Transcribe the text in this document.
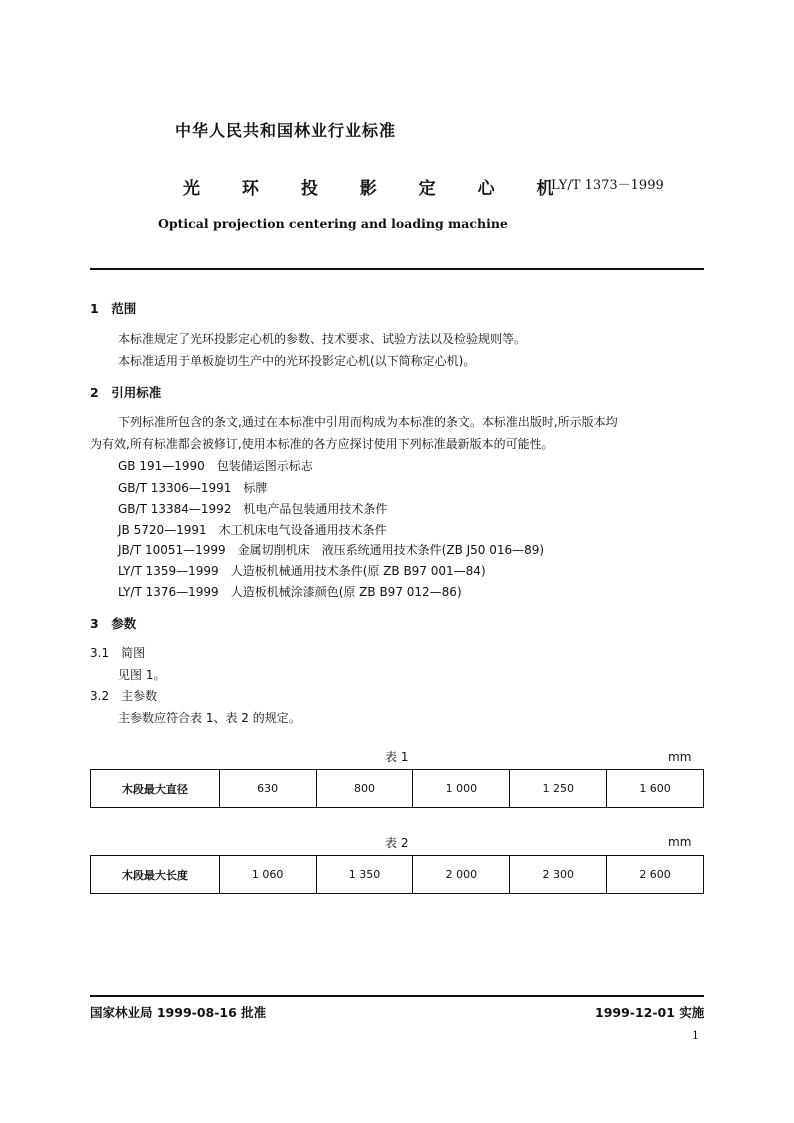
中华人民共和国林业行业标准
光 环 投 影 定 心 机
LY/T 1373－1999
Optical projection centering and loading machine
1　范围
本标准规定了光环投影定心机的参数、技术要求、试验方法以及检验规则等。
本标准适用于单板旋切生产中的光环投影定心机(以下简称定心机)。
2　引用标准
下列标准所包含的条文,通过在本标准中引用而构成为本标准的条文。本标准出版时,所示版本均
为有效,所有标准都会被修订,使用本标准的各方应探讨使用下列标准最新版本的可能性。
GB 191—1990　包装储运图示标志
GB/T 13306—1991　标牌
GB/T 13384—1992　机电产品包装通用技术条件
JB 5720—1991　木工机床电气设备通用技术条件
JB/T 10051—1999　金属切削机床　液压系统通用技术条件(ZB J50 016—89)
LY/T 1359—1999　人造板机械通用技术条件(原 ZB B97 001—84)
LY/T 1376—1999　人造板机械涂漆颜色(原 ZB B97 012—86)
3　参数
3.1　简图
见图 1。
3.2　主参数
主参数应符合表 1、表 2 的规定。
表 1	mm
木段最大直径	630	800	1 000	1 250	1 600
表 2	mm
木段最大长度	1 060	1 350	2 000	2 300	2 600
国家林业局 1999-08-16 批准	1999-12-01 实施
1
